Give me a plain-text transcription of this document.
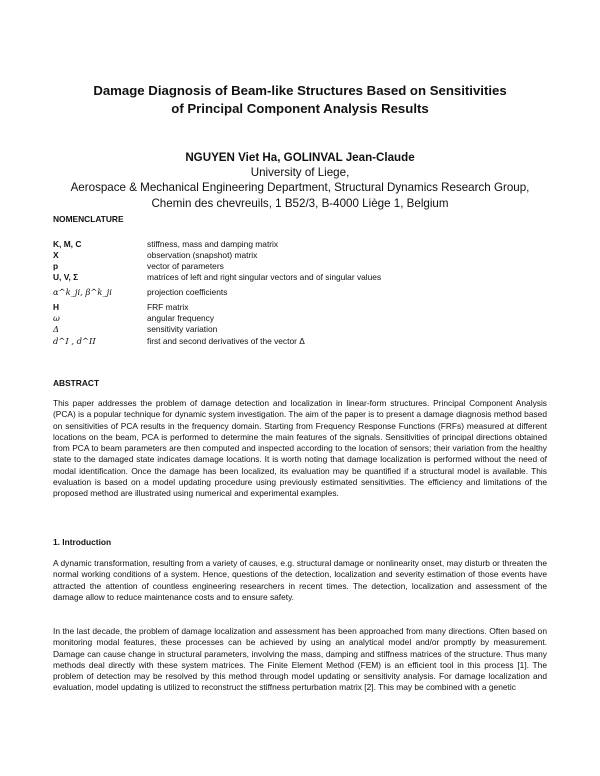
Damage Diagnosis of Beam-like Structures Based on Sensitivities
of Principal Component Analysis Results
NGUYEN Viet Ha, GOLINVAL Jean-Claude
University of Liege,
Aerospace & Mechanical Engineering Department, Structural Dynamics Research Group,
Chemin des chevreuils, 1 B52/3, B-4000 Liège 1, Belgium
NOMENCLATURE
K, M, C	stiffness, mass and damping matrix
X	observation (snapshot) matrix
p	vector of parameters
U, V, Σ	matrices of left and right singular vectors and of singular values
α^k_ji, β^k_ji	projection coefficients
H	FRF matrix
ω	angular frequency
Δ	sensitivity variation
d^I , d^II	first and second derivatives of the vector Δ
ABSTRACT
This paper addresses the problem of damage detection and localization in linear-form structures. Principal Component Analysis (PCA) is a popular technique for dynamic system investigation. The aim of the paper is to present a damage diagnosis method based on sensitivities of PCA results in the frequency domain. Starting from Frequency Response Functions (FRFs) measured at different locations on the beam, PCA is performed to determine the main features of the signals. Sensitivities of principal directions obtained from PCA to beam parameters are then computed and inspected according to the location of sensors; their variation from the healthy state to the damaged state indicates damage locations. It is worth noting that damage localization is performed without the need of modal identification. Once the damage has been localized, its evaluation may be quantified if a structural model is available. This evaluation is based on a model updating procedure using previously estimated sensitivities. The efficiency and limitations of the proposed method are illustrated using numerical and experimental examples.
1. Introduction
A dynamic transformation, resulting from a variety of causes, e.g. structural damage or nonlinearity onset, may disturb or threaten the normal working conditions of a system. Hence, questions of the detection, localization and severity estimation of those events have attracted the attention of countless engineering researchers in recent times. The detection, localization and assessment of the damage allow to reduce maintenance costs and to ensure safety.
In the last decade, the problem of damage localization and assessment has been approached from many directions. Often based on monitoring modal features, these processes can be achieved by using an analytical model and/or promptly by measurement. Damage can cause change in structural parameters, involving the mass, damping and stiffness matrices of the structure. Thus many methods deal directly with these system matrices. The Finite Element Method (FEM) is an efficient tool in this process [1]. The problem of detection may be resolved by this method through model updating or sensitivity analysis. For damage localization and evaluation, model updating is utilized to reconstruct the stiffness perturbation matrix [2]. This may be combined with a genetic
